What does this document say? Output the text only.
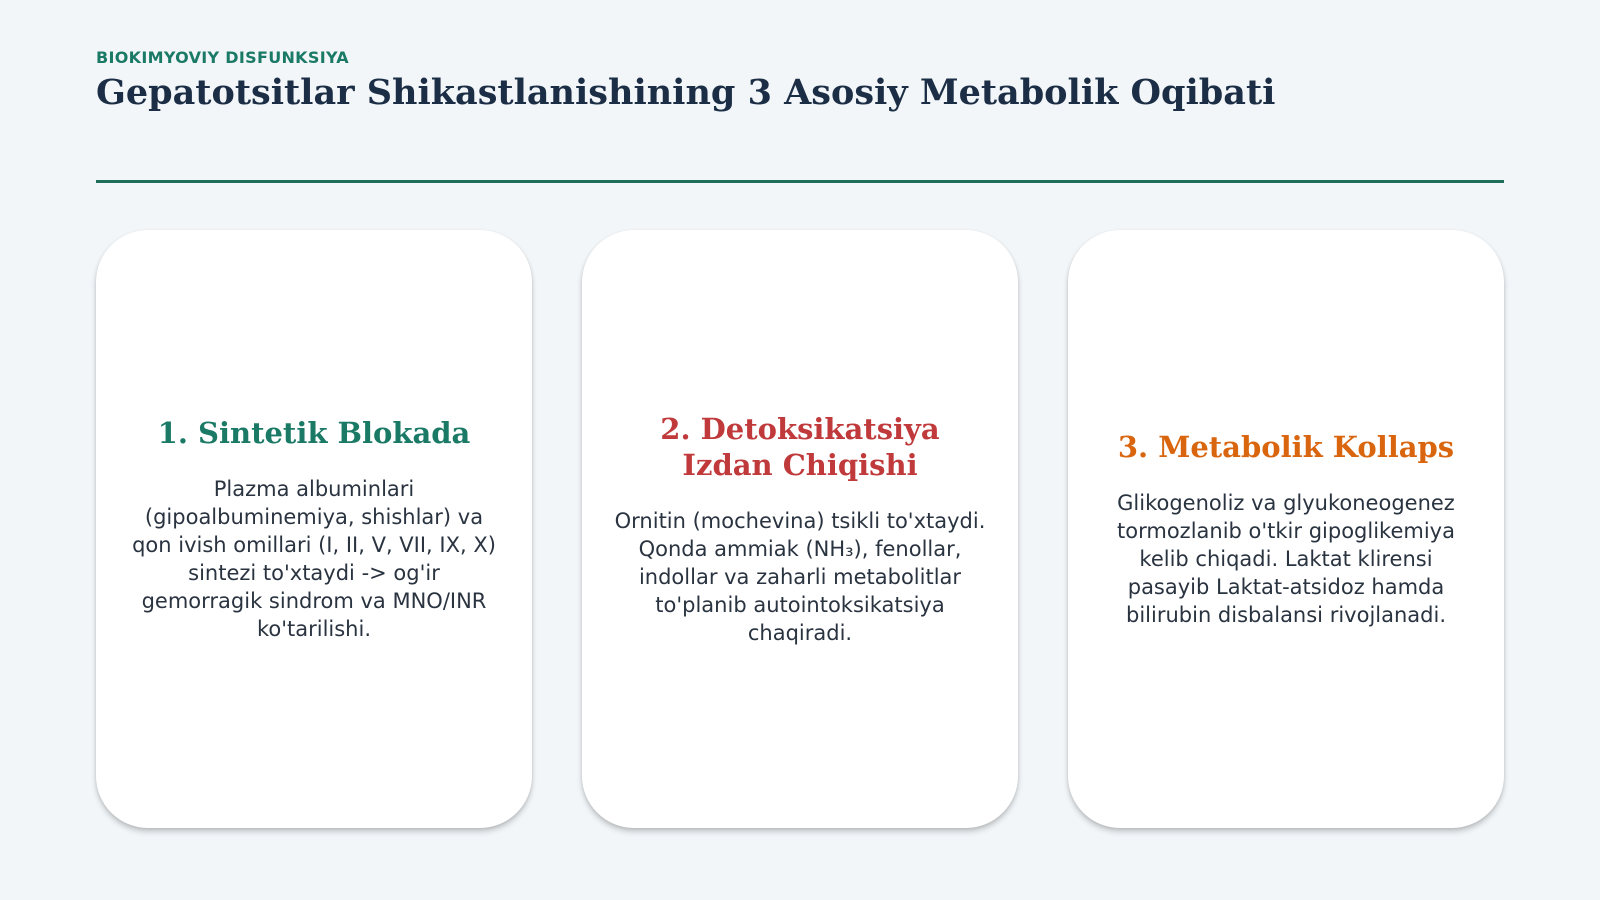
BIOKIMYOVIY DISFUNKSIYA
Gepatotsitlar Shikastlanishining 3 Asosiy Metabolik Oqibati
1. Sintetik Blokada

Plazma albuminlari (gipoalbuminemiya, shishlar) va qon ivish omillari (I, II, V, VII, IX, X) sintezi to'xtaydi -> og'ir gemorragik sindrom va MNO/INR ko'tarilishi.

2. Detoksikatsiya Izdan Chiqishi

Ornitin (mochevina) tsikli to'xtaydi. Qonda ammiak (NH₃), fenollar, indollar va zaharli metabolitlar to'planib autointoksikatsiya chaqiradi.

3. Metabolik Kollaps

Glikogenoliz va glyukoneogenez tormozlanib o'tkir gipoglikemiya kelib chiqadi. Laktat klirensi pasayib Laktat-atsidoz hamda bilirubin disbalansi rivojlanadi.
